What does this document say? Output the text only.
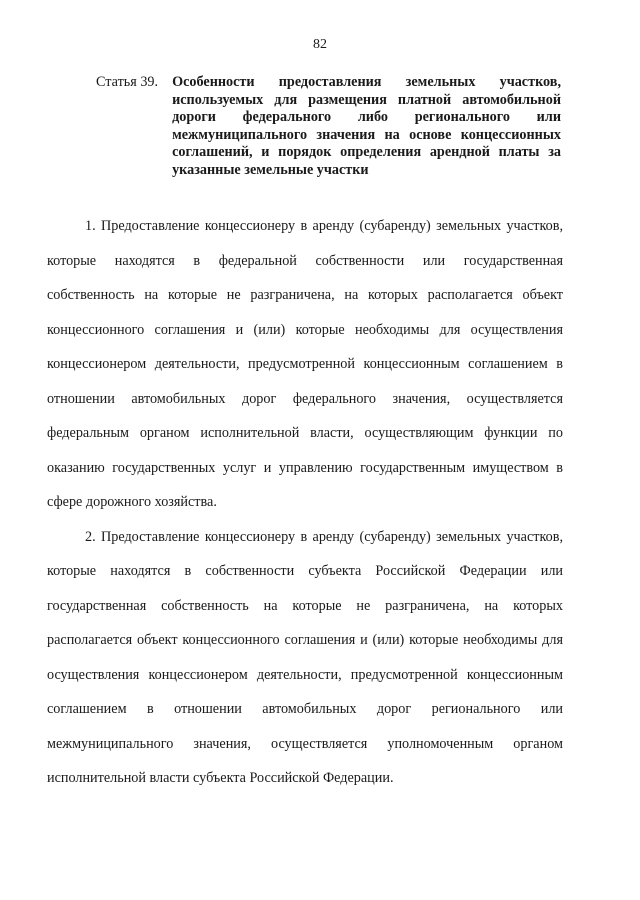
82
Статья 39. Особенности предоставления земельных участков, используемых для размещения платной автомобильной дороги федерального либо регионального или межмуниципального значения на основе концессионных соглашений, и порядок определения арендной платы за указанные земельные участки

1. Предоставление концессионеру в аренду (субаренду) земельных участков, которые находятся в федеральной собственности или государственная собственность на которые не разграничена, на которых располагается объект концессионного соглашения и (или) которые необходимы для осуществления концессионером деятельности, предусмотренной концессионным соглашением в отношении автомобильных дорог федерального значения, осуществляется федеральным органом исполнительной власти, осуществляющим функции по оказанию государственных услуг и управлению государственным имуществом в сфере дорожного хозяйства.

2. Предоставление концессионеру в аренду (субаренду) земельных участков, которые находятся в собственности субъекта Российской Федерации или государственная собственность на которые не разграничена, на которых располагается объект концессионного соглашения и (или) которые необходимы для осуществления концессионером деятельности, предусмотренной концессионным соглашением в отношении автомобильных дорог регионального или межмуниципального значения, осуществляется уполномоченным органом исполнительной власти субъекта Российской Федерации.
